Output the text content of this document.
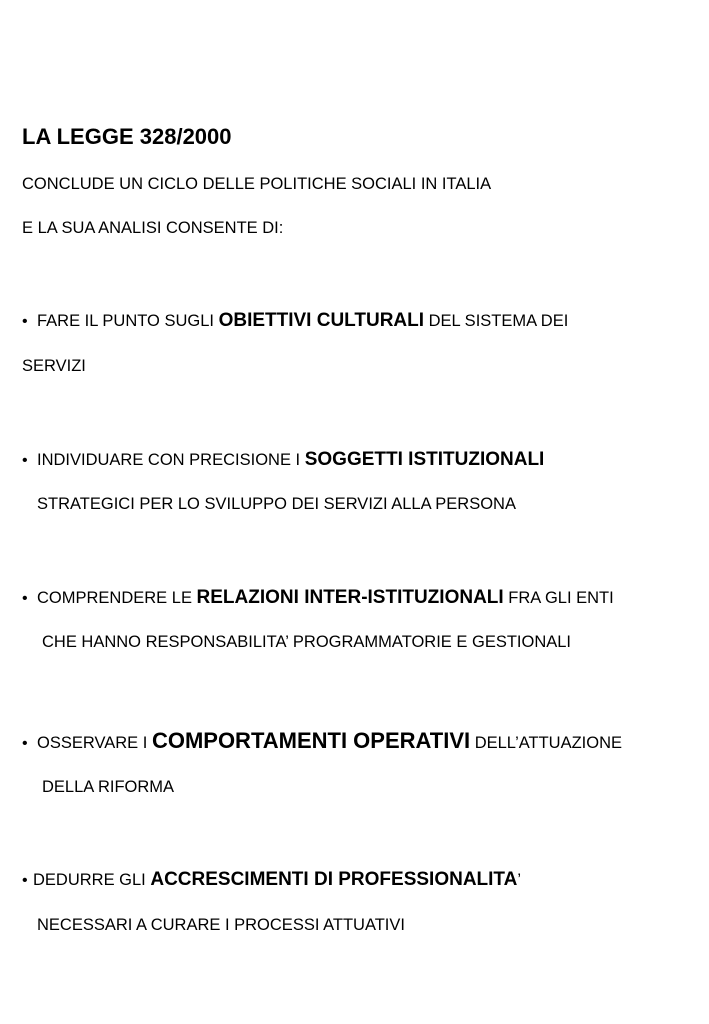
LA LEGGE 328/2000
CONCLUDE UN CICLO DELLE POLITICHE SOCIALI IN ITALIA
E LA SUA ANALISI CONSENTE DI:
• FARE IL PUNTO SUGLI OBIETTIVI CULTURALI DEL SISTEMA DEI
SERVIZI
• INDIVIDUARE CON PRECISIONE I SOGGETTI ISTITUZIONALI
STRATEGICI PER LO SVILUPPO DEI SERVIZI ALLA PERSONA
• COMPRENDERE LE RELAZIONI INTER-ISTITUZIONALI FRA GLI ENTI
CHE HANNO RESPONSABILITA’ PROGRAMMATORIE E GESTIONALI
• OSSERVARE I COMPORTAMENTI OPERATIVI DELL’ATTUAZIONE
DELLA RIFORMA
• DEDURRE GLI ACCRESCIMENTI DI PROFESSIONALITA’
NECESSARI A CURARE I PROCESSI ATTUATIVI
